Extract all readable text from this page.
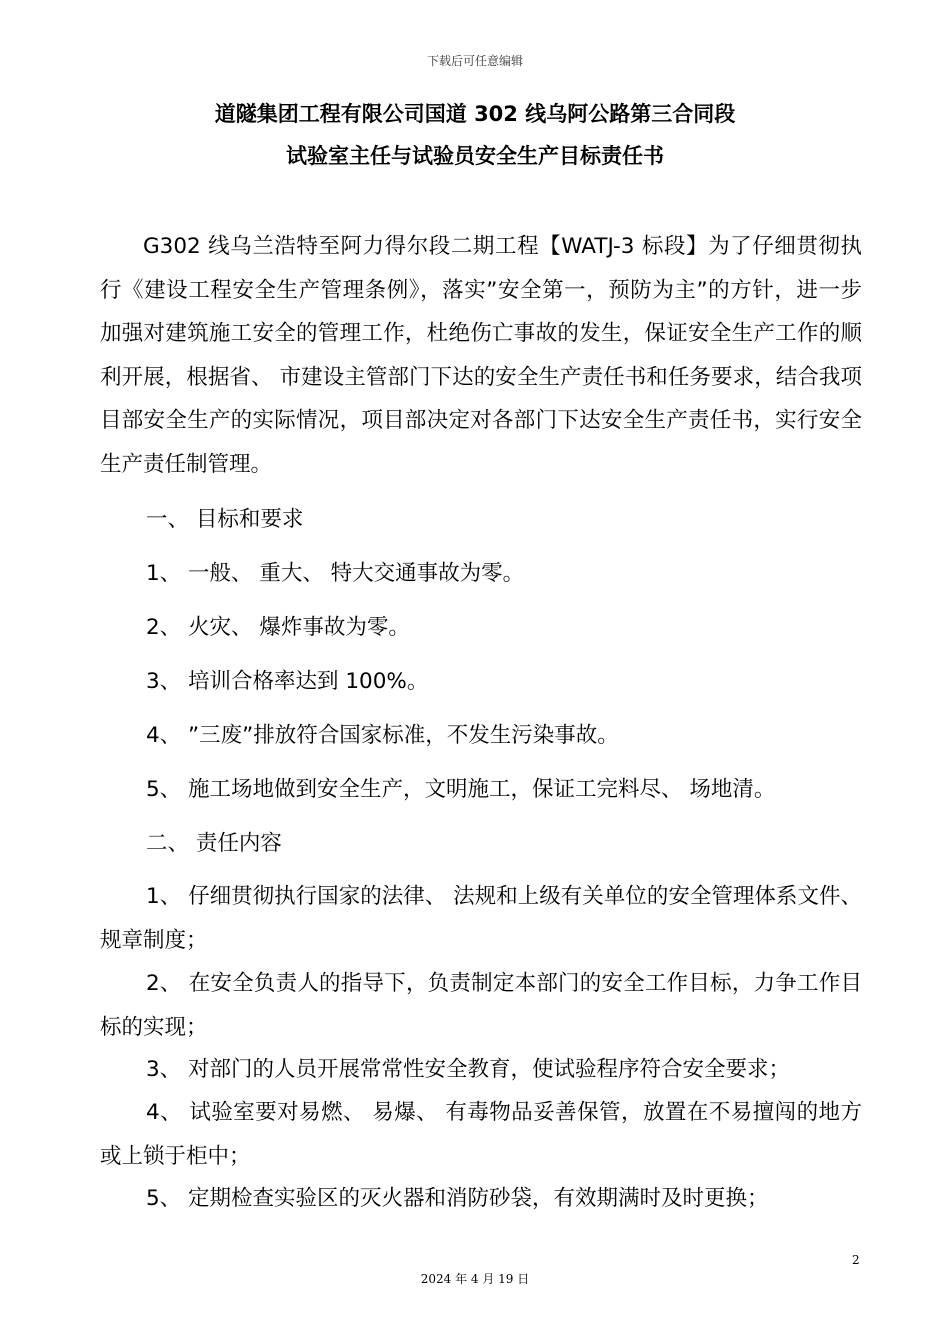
下载后可任意编辑
道隧集团工程有限公司国道 302 线乌阿公路第三合同段
试验室主任与试验员安全生产目标责任书

G302 线乌兰浩特至阿力得尔段二期工程【WATJ-3 标段】为了仔细贯彻执行《建设工程安全生产管理条例》，落实”安全第一，预防为主”的方针，进一步加强对建筑施工安全的管理工作，杜绝伤亡事故的发生，保证安全生产工作的顺利开展，根据省、 市建设主管部门下达的安全生产责任书和任务要求，结合我项目部安全生产的实际情况，项目部决定对各部门下达安全生产责任书，实行安全生产责任制管理。

一、 目标和要求
1、 一般、 重大、 特大交通事故为零。
2、 火灾、 爆炸事故为零。
3、 培训合格率达到 100%。
4、 ”三废”排放符合国家标准，不发生污染事故。
5、 施工场地做到安全生产，文明施工，保证工完料尽、 场地清。
二、 责任内容

1、 仔细贯彻执行国家的法律、 法规和上级有关单位的安全管理体系文件、 规章制度；

2、 在安全负责人的指导下，负责制定本部门的安全工作目标，力争工作目标的实现；

3、 对部门的人员开展常常性安全教育，使试验程序符合安全要求；

4、 试验室要对易燃、 易爆、 有毒物品妥善保管，放置在不易擅闯的地方或上锁于柜中；

5、 定期检查实验区的灭火器和消防砂袋，有效期满时及时更换；

2
2024 年 4 月 19 日
